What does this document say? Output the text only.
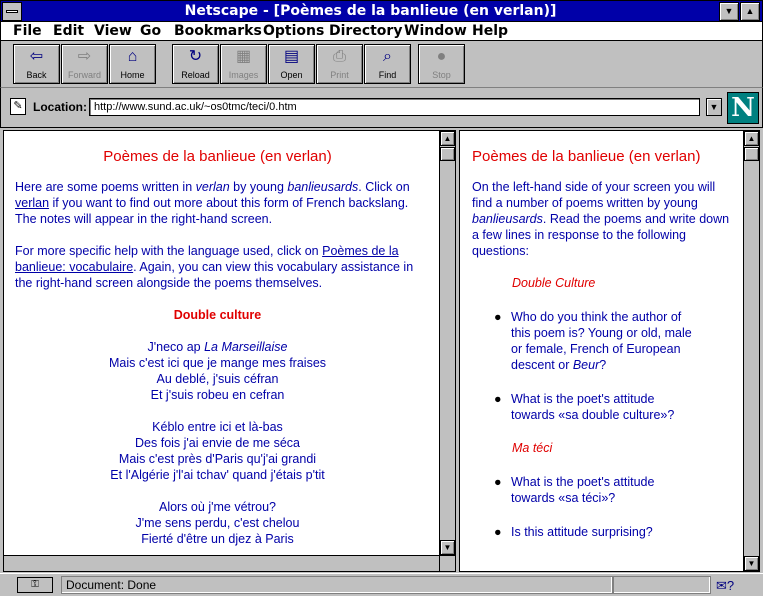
Netscape - [Poèmes de la banlieue (en verlan)]	▼	▲
File Edit View Go Bookmarks Options Directory Window Help
⇦
Back
⇨
Forward
⌂
Home
↻
Reload
▦
Images
▤
Open
⎙
Print
⌕
Find
●
Stop
✎ Location: http://www.sund.ac.uk/~os0tmc/teci/0.htm	▼ N
Poèmes de la banlieue (en verlan)

Here are some poems written in verlan by young banlieusards. Click on verlan if you want to find out more about this form of French backslang. The notes will appear in the right-hand screen.

For more specific help with the language used, click on Poèmes de la banlieue: vocabulaire. Again, you can view this vocabulary assistance in the right-hand screen alongside the poems themselves.

Double culture
J'neco ap La Marseillaise
Mais c'est ici que je mange mes fraises
Au deblé, j'suis céfran
Et j'suis robeu en cefran
Kéblo entre ici et là-bas
Des fois j'ai envie de me séca
Mais c'est près d'Paris qu'j'ai grandi
Et l'Algérie j'l'ai tchav' quand j'étais p'tit
Alors où j'me vétrou?
J'me sens perdu, c'est chelou
Fierté d'être un djez à Paris
▲
▼
Poèmes de la banlieue (en verlan)

On the left-hand side of your screen you will find a number of poems written by young banlieusards. Read the poems and write down a few lines in response to the following questions:

Double Culture
● Who do you think the author of this poem is? Young or old, male or female, French of European descent or Beur?
● What is the poet's attitude towards «sa double culture»?
Ma téci
● What is the poet's attitude towards «sa téci»?
● Is this attitude surprising?
▲
▼
⚿	Document: Done	✉?
